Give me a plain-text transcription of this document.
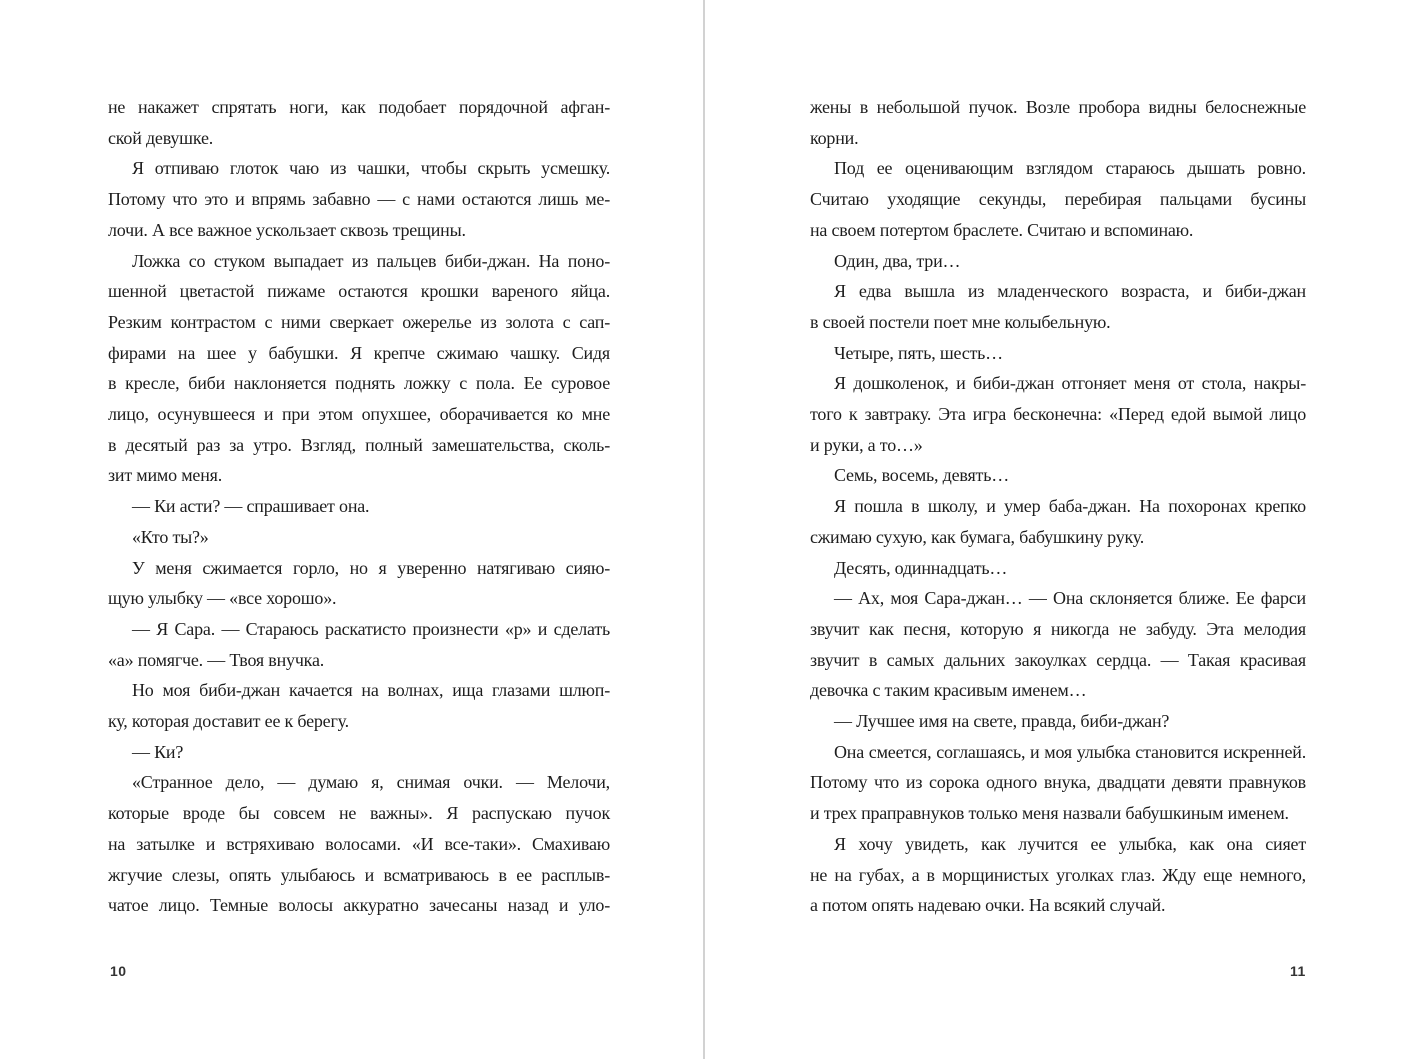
не накажет спрятать ноги, как подобает порядочной афган-
ской девушке.
Я отпиваю глоток чаю из чашки, чтобы скрыть усмешку.
Потому что это и впрямь забавно — с нами остаются лишь ме-
лочи. А все важное ускользает сквозь трещины.
Ложка со стуком выпадает из пальцев биби-джан. На поно-
шенной цветастой пижаме остаются крошки вареного яйца.
Резким контрастом с ними сверкает ожерелье из золота с сап-
фирами на шее у бабушки. Я крепче сжимаю чашку. Сидя
в кресле, биби наклоняется поднять ложку с пола. Ее суровое
лицо, осунувшееся и при этом опухшее, оборачивается ко мне
в десятый раз за утро. Взгляд, полный замешательства, сколь-
зит мимо меня.
— Ки асти? — спрашивает она.
«Кто ты?»
У меня сжимается горло, но я уверенно натягиваю сияю-
щую улыбку — «все хорошо».
— Я Сара. — Стараюсь раскатисто произнести «р» и сделать
«а» помягче. — Твоя внучка.
Но моя биби-джан качается на волнах, ища глазами шлюп-
ку, которая доставит ее к берегу.
— Ки?
«Странное дело, — думаю я, снимая очки. — Мелочи,
которые вроде бы совсем не важны». Я распускаю пучок
на затылке и встряхиваю волосами. «И все-таки». Смахиваю
жгучие слезы, опять улыбаюсь и всматриваюсь в ее расплыв-
чатое лицо. Темные волосы аккуратно зачесаны назад и уло-
жены в небольшой пучок. Возле пробора видны белоснежные
корни.
Под ее оценивающим взглядом стараюсь дышать ровно.
Считаю уходящие секунды, перебирая пальцами бусины
на своем потертом браслете. Считаю и вспоминаю.
Один, два, три…
Я едва вышла из младенческого возраста, и биби-джан
в своей постели поет мне колыбельную.
Четыре, пять, шесть…
Я дошколенок, и биби-джан отгоняет меня от стола, накры-
того к завтраку. Эта игра бесконечна: «Перед едой вымой лицо
и руки, а то…»
Семь, восемь, девять…
Я пошла в школу, и умер баба-джан. На похоронах крепко
сжимаю сухую, как бумага, бабушкину руку.
Десять, одиннадцать…
— Ах, моя Сара-джан… — Она склоняется ближе. Ее фарси
звучит как песня, которую я никогда не забуду. Эта мелодия
звучит в самых дальних закоулках сердца. — Такая красивая
девочка с таким красивым именем…
— Лучшее имя на свете, правда, биби-джан?
Она смеется, соглашаясь, и моя улыбка становится искренней.
Потому что из сорока одного внука, двадцати девяти правнуков
и трех праправнуков только меня назвали бабушкиным именем.
Я хочу увидеть, как лучится ее улыбка, как она сияет
не на губах, а в морщинистых уголках глаз. Жду еще немного,
а потом опять надеваю очки. На всякий случай.
10	11
